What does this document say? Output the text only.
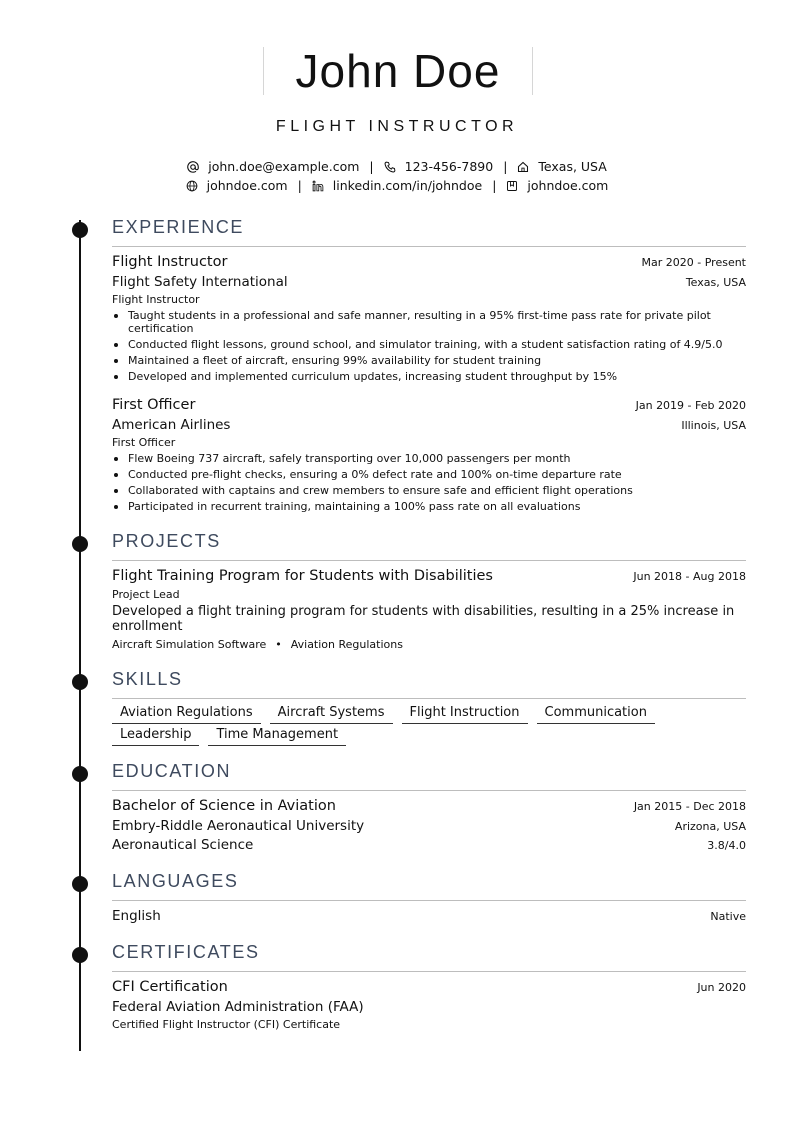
John Doe
FLIGHT INSTRUCTOR
john.doe@example.com | 123-456-7890 | Texas, USA
johndoe.com | linkedin.com/in/johndoe | johndoe.com
EXPERIENCE
Flight Instructor	Mar 2020 - Present
Flight Safety International	Texas, USA
Flight Instructor
Taught students in a professional and safe manner, resulting in a 95% first-time pass rate for private pilot certification
Conducted flight lessons, ground school, and simulator training, with a student satisfaction rating of 4.9/5.0
Maintained a fleet of aircraft, ensuring 99% availability for student training
Developed and implemented curriculum updates, increasing student throughput by 15%
First Officer	Jan 2019 - Feb 2020
American Airlines	Illinois, USA
First Officer
Flew Boeing 737 aircraft, safely transporting over 10,000 passengers per month
Conducted pre-flight checks, ensuring a 0% defect rate and 100% on-time departure rate
Collaborated with captains and crew members to ensure safe and efficient flight operations
Participated in recurrent training, maintaining a 100% pass rate on all evaluations
PROJECTS
Flight Training Program for Students with Disabilities	Jun 2018 - Aug 2018
Project Lead
Developed a flight training program for students with disabilities, resulting in a 25% increase in enrollment
Aircraft Simulation Software • Aviation Regulations
SKILLS
Aviation Regulations	Aircraft Systems	Flight Instruction	Communication
Leadership	Time Management
EDUCATION
Bachelor of Science in Aviation	Jan 2015 - Dec 2018
Embry-Riddle Aeronautical University	Arizona, USA
Aeronautical Science	3.8/4.0
LANGUAGES
English	Native
CERTIFICATES
CFI Certification	Jun 2020
Federal Aviation Administration (FAA)
Certified Flight Instructor (CFI) Certificate
